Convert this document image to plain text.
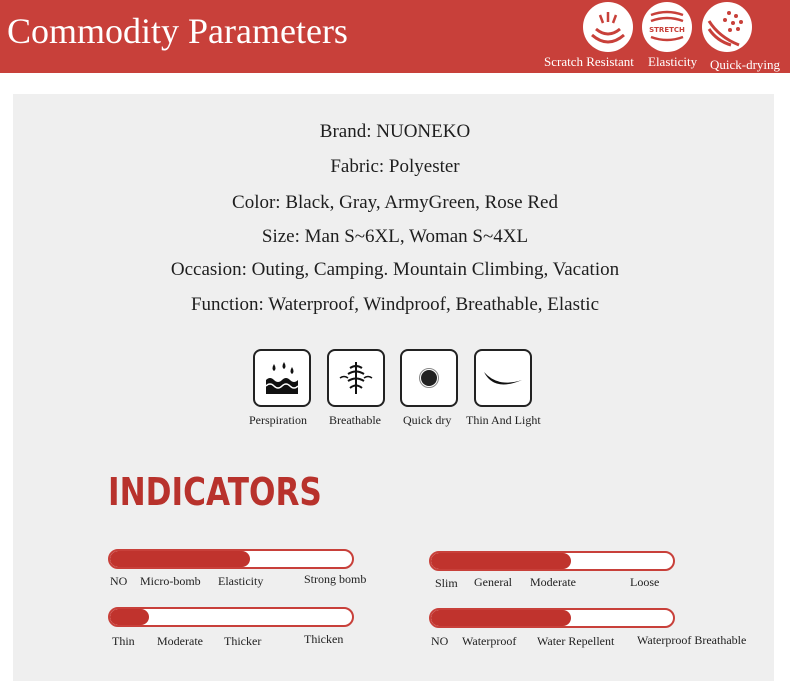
Commodity Parameters	STRETCH
Scratch Resistant Elasticity Quick-drying
Brand: NUONEKO
Fabric: Polyester
Color: Black, Gray, ArmyGreen, Rose Red
Size: Man S~6XL, Woman S~4XL
Occasion: Outing, Camping. Mountain Climbing, Vacation
Function: Waterproof, Windproof, Breathable, Elastic
Perspiration Breathable Quick dry Thin And Light
INDICATORS
NO Micro-bomb Elasticity	Strong bomb	Slim General Moderate	Loose
Thin Moderate Thicker	Thicken	NO Waterproof Water Repellent Waterproof Breathable
